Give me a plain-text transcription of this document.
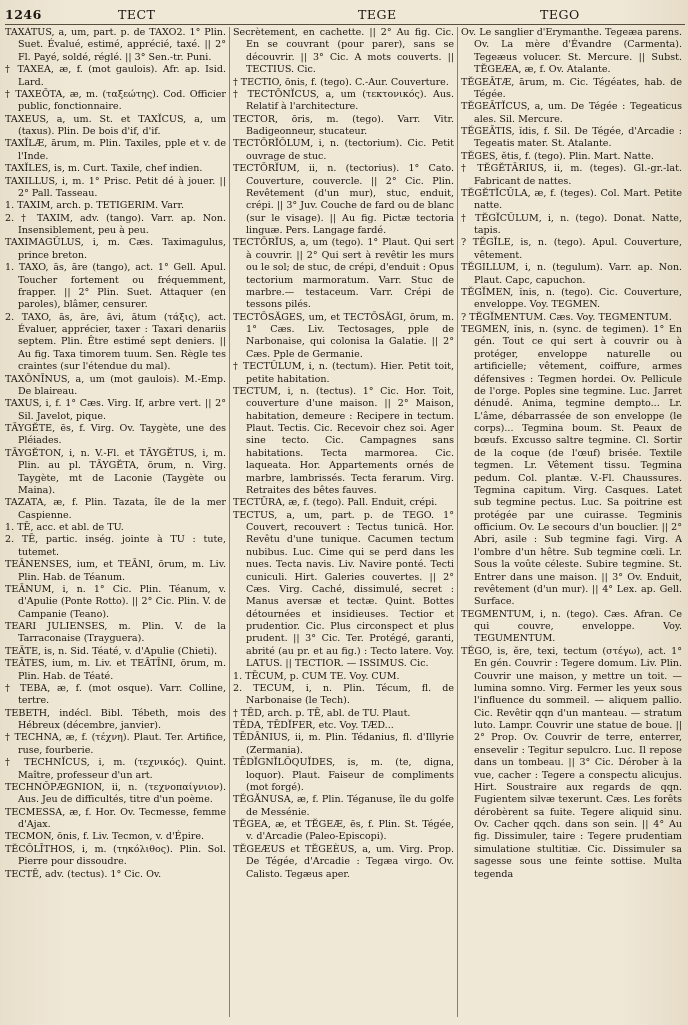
1246	TECT	TEGE	TEGO

TAXĀTUS, a, um, part. p. de TAXO2. 1° Plin. Suet. Évalué, estimé, apprécié, taxé. || 2° Fl. Payé, soldé, réglé. || 3° Sen.-tr. Puni.

† TAXEA, æ, f. (mot gaulois). Afr. ap. Isid. Lard.

† TAXEŌTA, æ, m. (ταξεώτης). Cod. Officier public, fonctionnaire.

TAXEUS, a, um. St. et TAXĬCUS, a, um (taxus). Plin. De bois d'if, d'if.

TAXĬLÆ, ārum, m. Plin. Taxiles, pple et v. de l'Inde.

TAXĬLES, is, m. Curt. Taxile, chef indien.

TAXILLUS, i, m. 1° Prisc. Petit dé à jouer. || 2° Pall. Tasseau.

1. TAXIM, arch. p. TETIGERIM. Varr.

2. † TAXIM, adv. (tango). Varr. ap. Non. Insensiblement, peu à peu.

TAXIMAGŬLUS, i, m. Cæs. Taximagulus, prince breton.

1. TAXO, ās, āre (tango), act. 1° Gell. Apul. Toucher fortement ou fréquemment, frapper. || 2° Plin. Suet. Attaquer (en paroles), blâmer, censurer.

2. TAXO, ās, āre, āvi, ātum (τάξις), act. Évaluer, apprécier, taxer : Taxari denariis septem. Plin. Être estimé sept deniers. || Au fig. Taxa timorem tuum. Sen. Règle tes craintes (sur l'étendue du mal).

TAXŌNĪNUS, a, um (mot gaulois). M.-Emp. De blaireau.

TAXUS, i, f. 1° Cæs. Virg. If, arbre vert. || 2° Sil. Javelot, pique.

TĀYGĔTE, ēs, f. Virg. Ov. Taygète, une des Pléiades.

TĀYGĔTON, i, n. V.-Fl. et TĀYGĔTUS, i, m. Plin. au pl. TĀYGĔTA, ōrum, n. Virg. Taygète, mt de Laconie (Taygète ou Maina).

TAZATA, æ, f. Plin. Tazata, île de la mer Caspienne.

1. TĒ, acc. et abl. de TU.

2. TĒ, partic. inség. jointe à TU : tute, tutemet.

TEĀNENSES, ium, et TEĀNI, ōrum, m. Liv. Plin. Hab. de Téanum.

TEĀNUM, i, n. 1° Cic. Plin. Téanum, v. d'Apulie (Ponte Rotto). || 2° Cic. Plin. V. de Campanie (Teano).

TEARI JULIENSES, m. Plin. V. de la Tarraconaise (Trayguera).

TEĀTE, is, n. Sid. Téaté, v. d'Apulie (Chieti).

TEĀTES, ium, m. Liv. et TEĀTĪNI, ōrum, m. Plin. Hab. de Téaté.

† TEBA, æ, f. (mot osque). Varr. Colline, tertre.

TEBETH, indécl. Bibl. Tébeth, mois des Hébreux (décembre, janvier).

† TECHNA, æ, f. (τέχνη). Plaut. Ter. Artifice, ruse, fourberie.

† TECHNĬCUS, i, m. (τεχνικός). Quint. Maître, professeur d'un art.

TECHNŎPÆGNION, ii, n. (τεχνοπαίγνιον). Aus. Jeu de difficultés, titre d'un poème.

TECMESSA, æ, f. Hor. Ov. Tecmesse, femme d'Ajax.

TECMON, ōnis, f. Liv. Tecmon, v. d'Épire.

TĔCŎLĪTHOS, i, m. (τηκόλιθος). Plin. Sol. Pierre pour dissoudre.

TECTĒ, adv. (tectus). 1° Cic. Ov.

Secrètement, en cachette. || 2° Au fig. Cic. En se couvrant (pour parer), sans se découvrir. || 3° Cic. A mots couverts. || TECTIUS. Cic.

† TECTIO, ōnis, f. (tego). C.-Aur. Couverture.

† TECTŌNĬCUS, a, um (τεκτονικός). Aus. Relatif à l'architecture.

TECTOR, ōris, m. (tego). Varr. Vitr. Badigeonneur, stucateur.

TECTŌRĬŎLUM, i, n. (tectorium). Cic. Petit ouvrage de stuc.

TECTŌRĬUM, ii, n. (tectorius). 1° Cato. Couverture, couvercle. || 2° Cic. Plin. Revêtement (d'un mur), stuc, enduit, crépi. || 3° Juv. Couche de fard ou de blanc (sur le visage). || Au fig. Pictæ tectoria linguæ. Pers. Langage fardé.

TECTŌRĬUS, a, um (tego). 1° Plaut. Qui sert à couvrir. || 2° Qui sert à revêtir les murs ou le sol; de stuc, de crépi, d'enduit : Opus tectorium marmoratum. Varr. Stuc de marbre.— testaceum. Varr. Crépi de tessons pilés.

TECTŌSĂGES, um, et TECTŌSĂGI, ōrum, m. 1° Cæs. Liv. Tectosages, pple de Narbonaise, qui colonisa la Galatie. || 2° Cæs. Pple de Germanie.

† TECTŬLUM, i, n. (tectum). Hier. Petit toit, petite habitation.

TECTUM, i, n. (tectus). 1° Cic. Hor. Toit, couverture d'une maison. || 2° Maison, habitation, demeure : Recipere in tectum. Plaut. Tectis. Cic. Recevoir chez soi. Ager sine tecto. Cic. Campagnes sans habitations. Tecta marmorea. Cic. laqueata. Hor. Appartements ornés de marbre, lambrissés. Tecta ferarum. Virg. Retraites des bêtes fauves.

TECTŪRA, æ, f. (tego). Pall. Enduit, crépi.

TECTUS, a, um, part. p. de TEGO. 1° Couvert, recouvert : Tectus tunicā. Hor. Revêtu d'une tunique. Cacumen tectum nubibus. Luc. Cime qui se perd dans les nues. Tecta navis. Liv. Navire ponté. Tecti cuniculi. Hirt. Galeries couvertes. || 2° Cæs. Virg. Caché, dissimulé, secret : Manus aversæ et tectæ. Quint. Bottes détournées et insidieuses. Tectior et prudentior. Cic. Plus circonspect et plus prudent. || 3° Cic. Ter. Protégé, garanti, abrité (au pr. et au fig.) : Tecto latere. Voy. LATUS. || TECTIOR. — ISSIMUS. Cic.

1. TĒCUM, p. CUM TE. Voy. CUM.

2. TECUM, i, n. Plin. Técum, fl. de Narbonaise (le Tech).

† TĒD, arch. p. TĒ, abl. de TU. Plaut.

TĒDA, TĒDĬFER, etc. Voy. TÆD...

TĒDĀNIUS, ii, m. Plin. Tédanius, fl. d'Illyrie (Zermania).

TĒDĬGNĬLŎQUĬDES, is, m. (te, digna, loquor). Plaut. Faiseur de compliments (mot forgé).

TĔGĂNUSA, æ, f. Plin. Téganuse, île du golfe de Messénie.

TĔGEA, æ, et TĔGEÆ, ēs, f. Plin. St. Tégée, v. d'Arcadie (Paleo-Episcopi).

TĔGEÆUS et TĔGEÈUS, a, um. Virg. Prop. De Tégée, d'Arcadie : Tegæa virgo. Ov. Calisto. Tegæus aper.

Ov. Le sanglier d'Erymanthe. Tegeæa parens. Ov. La mère d'Évandre (Carmenta). Tegeæus volucer. St. Mercure. || Subst. TĔGEÆA, æ, f. Ov. Atalante.

TĔGEĀTÆ, ārum, m. Cic. Tégéates, hab. de Tégée.

TĔGEĀTĬCUS, a, um. De Tégée : Tegeaticus ales. Sil. Mercure.

TĔGEĀTIS, ĭdis, f. Sil. De Tégée, d'Arcadie : Tegeatis mater. St. Atalante.

TĔGES, ĕtis, f. (tego). Plin. Mart. Natte.

† TĔGĔTĀRIUS, ii, m. (teges). Gl.-gr.-lat. Fabricant de nattes.

TĔGĔTĬCŬLA, æ, f. (teges). Col. Mart. Petite natte.

† TĔGĬCŬLUM, i, n. (tego). Donat. Natte, tapis.

? TĔGĬLE, is, n. (tego). Apul. Couverture, vêtement.

TĔGILLUM, i, n. (tegulum). Varr. ap. Non. Plaut. Capc, capuchon.

TĔGĬMEN, ĭnis, n. (tego). Cic. Couverture, enveloppe. Voy. TEGMEN.

? TĔGĬMENTUM. Cæs. Voy. TEGMENTUM.

TEGMEN, ĭnis, n. (sync. de tegimen). 1° En gén. Tout ce qui sert à couvrir ou à protéger, enveloppe naturelle ou artificielle; vêtement, coiffure, armes défensives : Tegmen hordei. Ov. Pellicule de l'orge. Poples sine tegmine. Luc. Jarret dénudé. Anima, tegmine dempto... Lr. L'âme, débarrassée de son enveloppe (le corps)... Tegmina boum. St. Peaux de bœufs. Excusso saltre tegmine. Cl. Sortir de la coque (de l'œuf) brisée. Textile tegmen. Lr. Vêtement tissu. Tegmina pedum. Col. plantæ. V.-Fl. Chaussures. Tegmina capitum. Virg. Casques. Latet sub tegmine pectus. Luc. Sa poitrine est protégée par une cuirasse. Tegminis officium. Ov. Le secours d'un bouclier. || 2° Abri, asile : Sub tegmine fagi. Virg. A l'ombre d'un hêtre. Sub tegmine cœli. Lr. Sous la voûte céleste. Subire tegmine. St. Entrer dans une maison. || 3° Ov. Enduit, revêtement (d'un mur). || 4° Lex. ap. Gell. Surface.

TEGMENTUM, i, n. (tego). Cæs. Afran. Ce qui couvre, enveloppe. Voy. TEGUMENTUM.

TĔGO, is, ĕre, texi, tectum (στέγω), act. 1° En gén. Couvrir : Tegere domum. Liv. Plin. Couvrir une maison, y mettre un toit. — lumina somno. Virg. Fermer les yeux sous l'influence du sommeil. — aliquem pallio. Cic. Revêtir qqn d'un manteau. — stratum luto. Lampr. Couvrir une statue de boue. || 2° Prop. Ov. Couvrir de terre, enterrer, ensevelir : Tegitur sepulcro. Luc. Il repose dans un tombeau. || 3° Cic. Dérober à la vue, cacher : Tegere a conspectu alicujus. Hirt. Soustraire aux regards de qqn. Fugientem silvæ texerunt. Cæs. Les forêts dérobèrent sa fuite. Tegere aliquid sinu. Ov. Cacher qqch. dans son sein. || 4° Au fig. Dissimuler, taire : Tegere prudentiam simulatione stultitiæ. Cic. Dissimuler sa sagesse sous une feinte sottise. Multa tegenda
